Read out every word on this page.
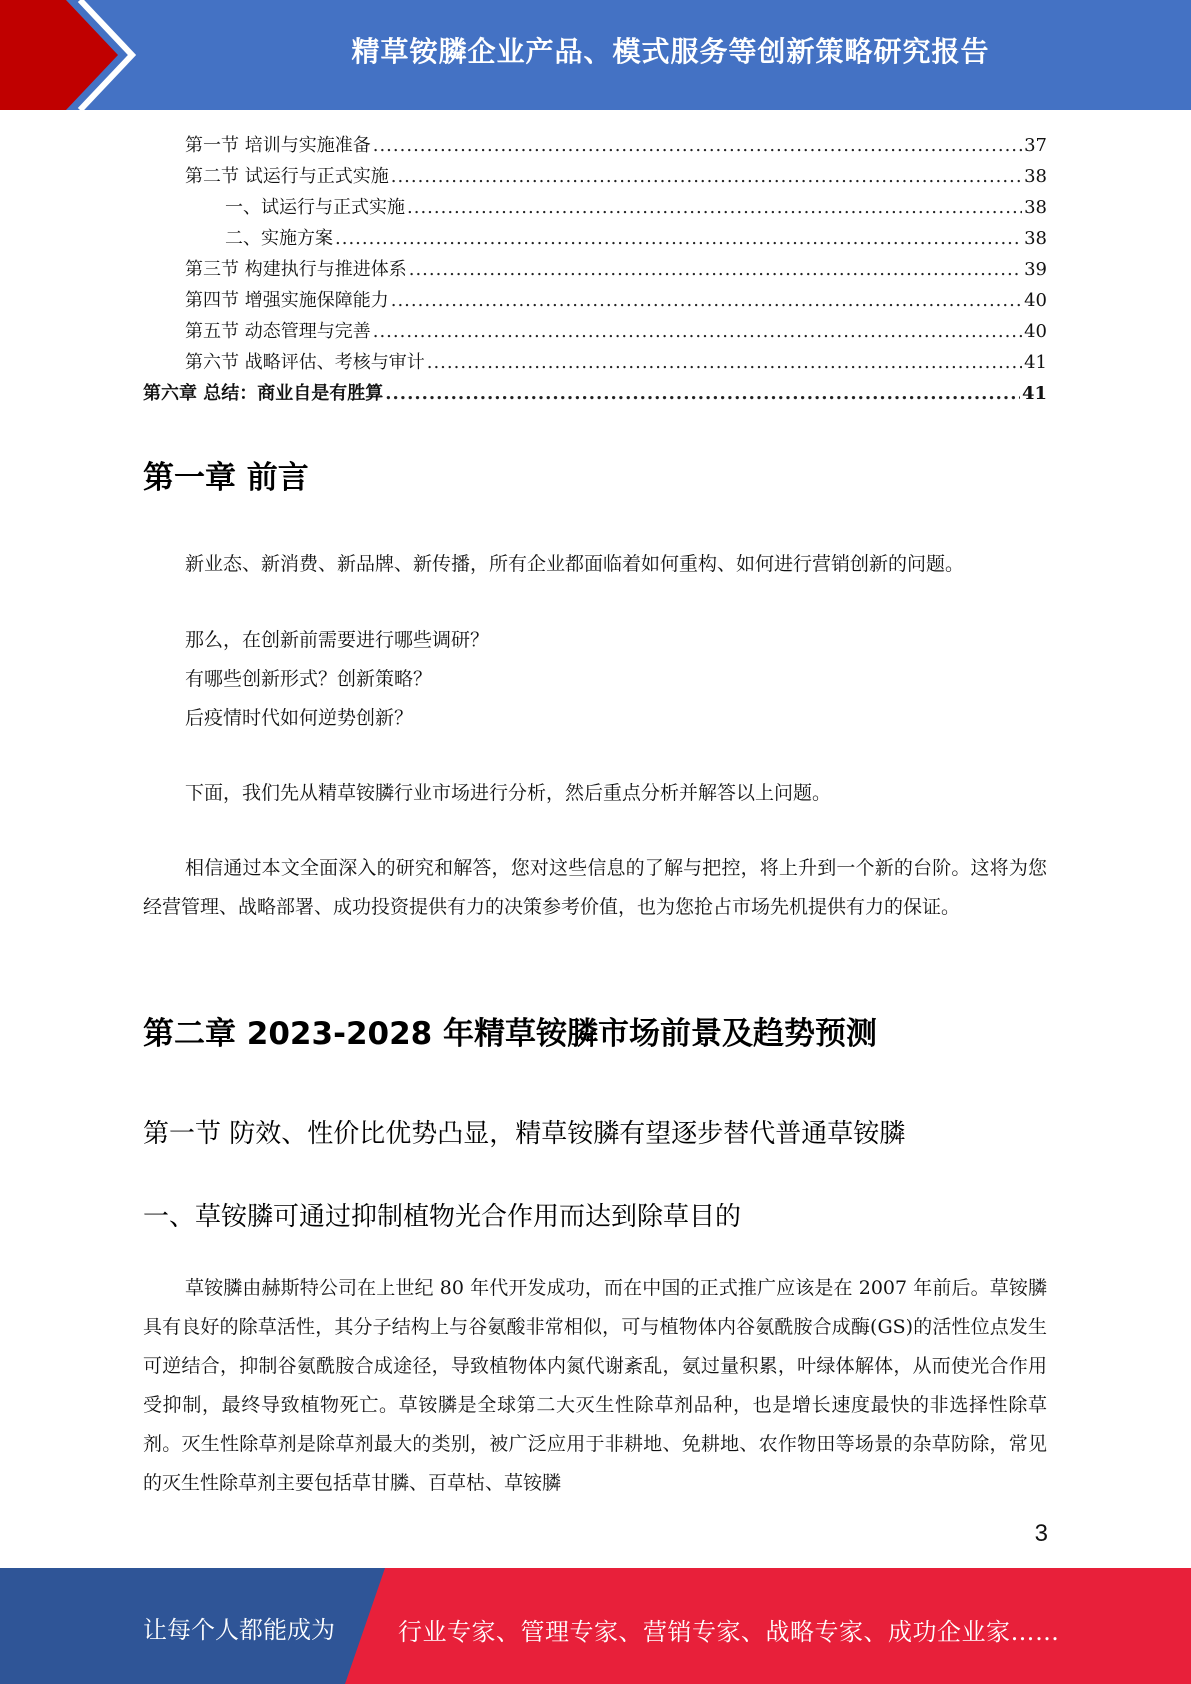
精草铵膦企业产品、模式服务等创新策略研究报告
第一节 培训与实施准备 .....	37
第二节 试运行与正式实施 .....	38
一、试运行与正式实施 .....	38
二、实施方案 .....	38
第三节 构建执行与推进体系 .....	39
第四节 增强实施保障能力 .....	40
第五节 动态管理与完善 .....	40
第六节 战略评估、考核与审计 .....	41
第六章 总结：商业自是有胜算 .....	41
第一章 前言
新业态、新消费、新品牌、新传播，所有企业都面临着如何重构、如何进行营销创新的问题。
那么，在创新前需要进行哪些调研？
有哪些创新形式？创新策略？
后疫情时代如何逆势创新？
下面，我们先从精草铵膦行业市场进行分析，然后重点分析并解答以上问题。
相信通过本文全面深入的研究和解答，您对这些信息的了解与把控，将上升到一个新的台阶。这将为您经营管理、战略部署、成功投资提供有力的决策参考价值，也为您抢占市场先机提供有力的保证。
第二章 2023-2028 年精草铵膦市场前景及趋势预测
第一节 防效、性价比优势凸显，精草铵膦有望逐步替代普通草铵膦
一、草铵膦可通过抑制植物光合作用而达到除草目的
草铵膦由赫斯特公司在上世纪 80 年代开发成功，而在中国的正式推广应该是在 2007 年前后。草铵膦具有良好的除草活性，其分子结构上与谷氨酸非常相似，可与植物体内谷氨酰胺合成酶(GS)的活性位点发生可逆结合，抑制谷氨酰胺合成途径，导致植物体内氮代谢紊乱，氨过量积累，叶绿体解体，从而使光合作用受抑制，最终导致植物死亡。草铵膦是全球第二大灭生性除草剂品种，也是增长速度最快的非选择性除草剂。灭生性除草剂是除草剂最大的类别，被广泛应用于非耕地、免耕地、农作物田等场景的杂草防除，常见的灭生性除草剂主要包括草甘膦、百草枯、草铵膦
3
让每个人都能成为	行业专家、管理专家、营销专家、战略专家、成功企业家……
